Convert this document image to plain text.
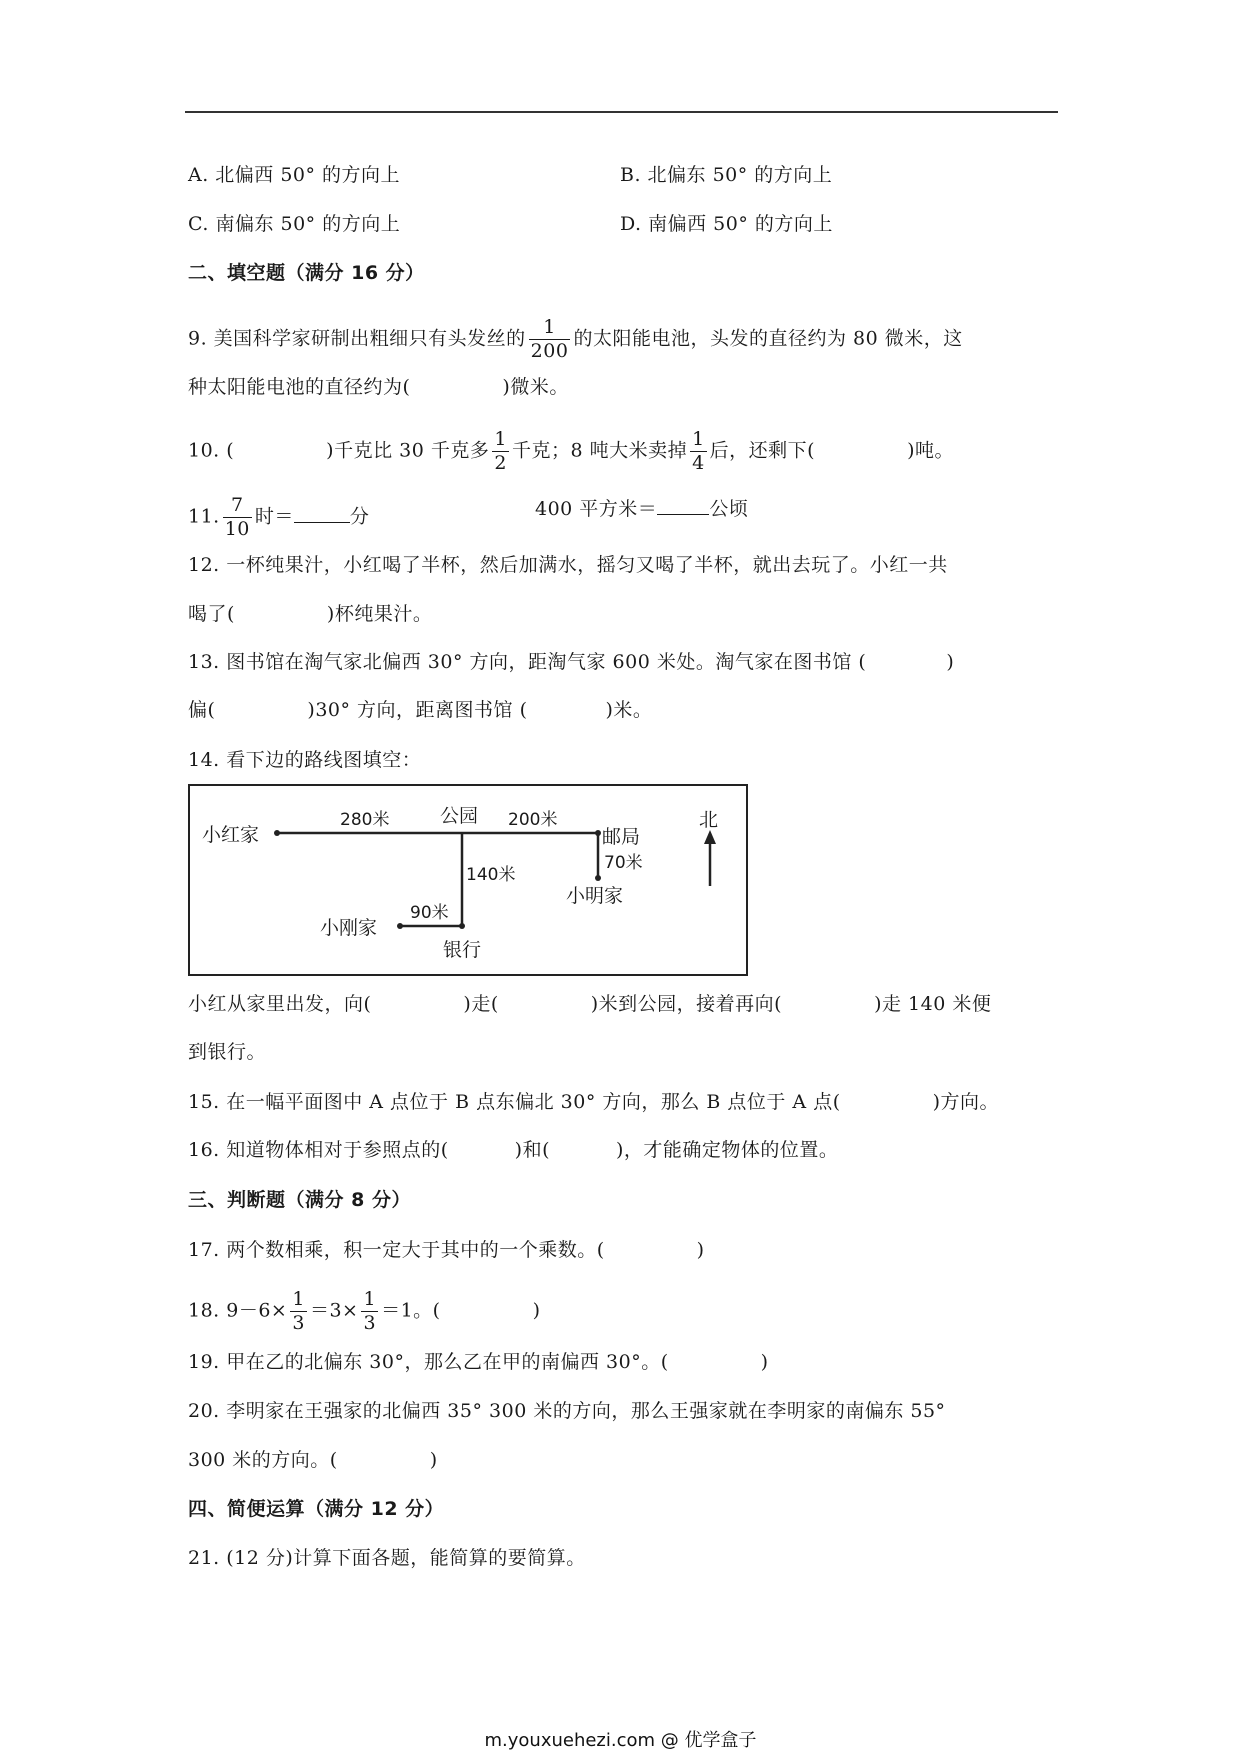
A. 北偏西 50° 的方向上	B. 北偏东 50° 的方向上
C. 南偏东 50° 的方向上	D. 南偏西 50° 的方向上
二、填空题（满分 16 分）
9. 美国科学家研制出粗细只有头发丝的 $\frac{1}{200}$ 的太阳能电池，头发的直径约为 80 微米，这
种太阳能电池的直径约为(	)微米。
10. (	)千克比 30 千克多 $\frac{1}{2}$ 千克；8 吨大米卖掉 $\frac{1}{4}$ 后，还剩下(	)吨。
11. $\frac{7}{10}$ 时＝	分	400 平方米＝	公顷
12. 一杯纯果汁，小红喝了半杯，然后加满水，摇匀又喝了半杯，就出去玩了。小红一共
喝了(	)杯纯果汁。
13. 图书馆在淘气家北偏西 30° 方向，距淘气家 600 米处。淘气家在图书馆 (	)
偏(	)30° 方向，距离图书馆 (	)米。
14. 看下边的路线图填空：
小红家
公园
邮局
北
小明家
小刚家
银行
280米	200米
70米
140米
90米
小红从家里出发，向(	)走(	)米到公园，接着再向(	)走 140 米便
到银行。
15. 在一幅平面图中 A 点位于 B 点东偏北 30° 方向，那么 B 点位于 A 点(	)方向。
16. 知道物体相对于参照点的(	)和(	)，才能确定物体的位置。
三、判断题（满分 8 分）
17. 两个数相乘，积一定大于其中的一个乘数。(	)
18. $9-6\times \frac{1}{3} =3\times \frac{1}{3} =1$。(	)
19. 甲在乙的北偏东 30°，那么乙在甲的南偏西 30°。(	)
20. 李明家在王强家的北偏西 35° 300 米的方向，那么王强家就在李明家的南偏东 55°
300 米的方向。(	)
四、简便运算（满分 12 分）
21. (12 分)计算下面各题，能简算的要简算。
m.youxuehezi.com @ 优学盒子
